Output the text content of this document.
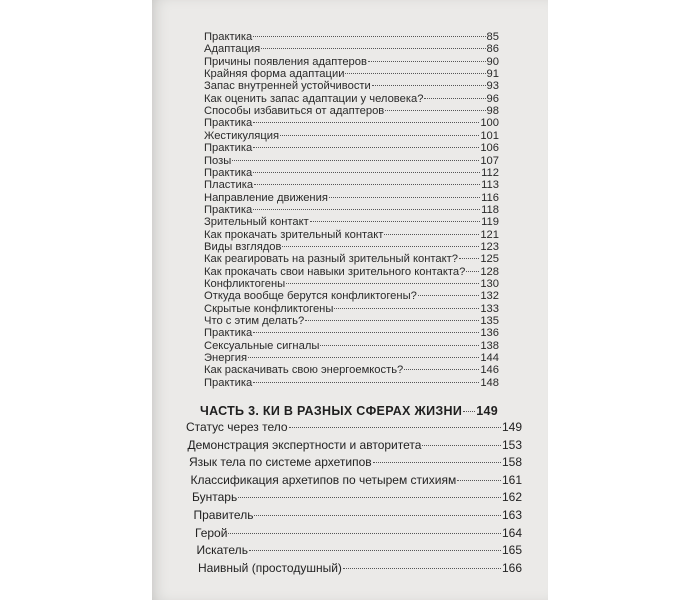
Практика	85
Адаптация	86
Причины появления адаптеров	90
Крайняя форма адаптации	91
Запас внутренней устойчивости	93
Как оценить запас адаптации у человека?	96
Способы избавиться от адаптеров	98
Практика	100
Жестикуляция	101
Практика	106
Позы	107
Практика	112
Пластика	113
Направление движения	116
Практика	118
Зрительный контакт	119
Как прокачать зрительный контакт	121
Виды взглядов	123
Как реагировать на разный зрительный контакт? 125
Как прокачать свои навыки зрительного контакта? 128
Конфликтогены	130
Откуда вообще берутся конфликтогены?	132
Скрытые конфликтогены	133
Что с этим делать?	135
Практика	136
Сексуальные сигналы	138
Энергия	144
Как раскачивать свою энергоемкость?	146
Практика	148
ЧАСТЬ 3. КИ В РАЗНЫХ СФЕРАХ ЖИЗНИ 149
Статус через тело	149
Демонстрация экспертности и авторитета	153
Язык тела по системе архетипов	158
Классификация архетипов по четырем стихиям	161
Бунтарь	162
Правитель	163
Герой	164
Искатель	165
Наивный (простодушный)	166
